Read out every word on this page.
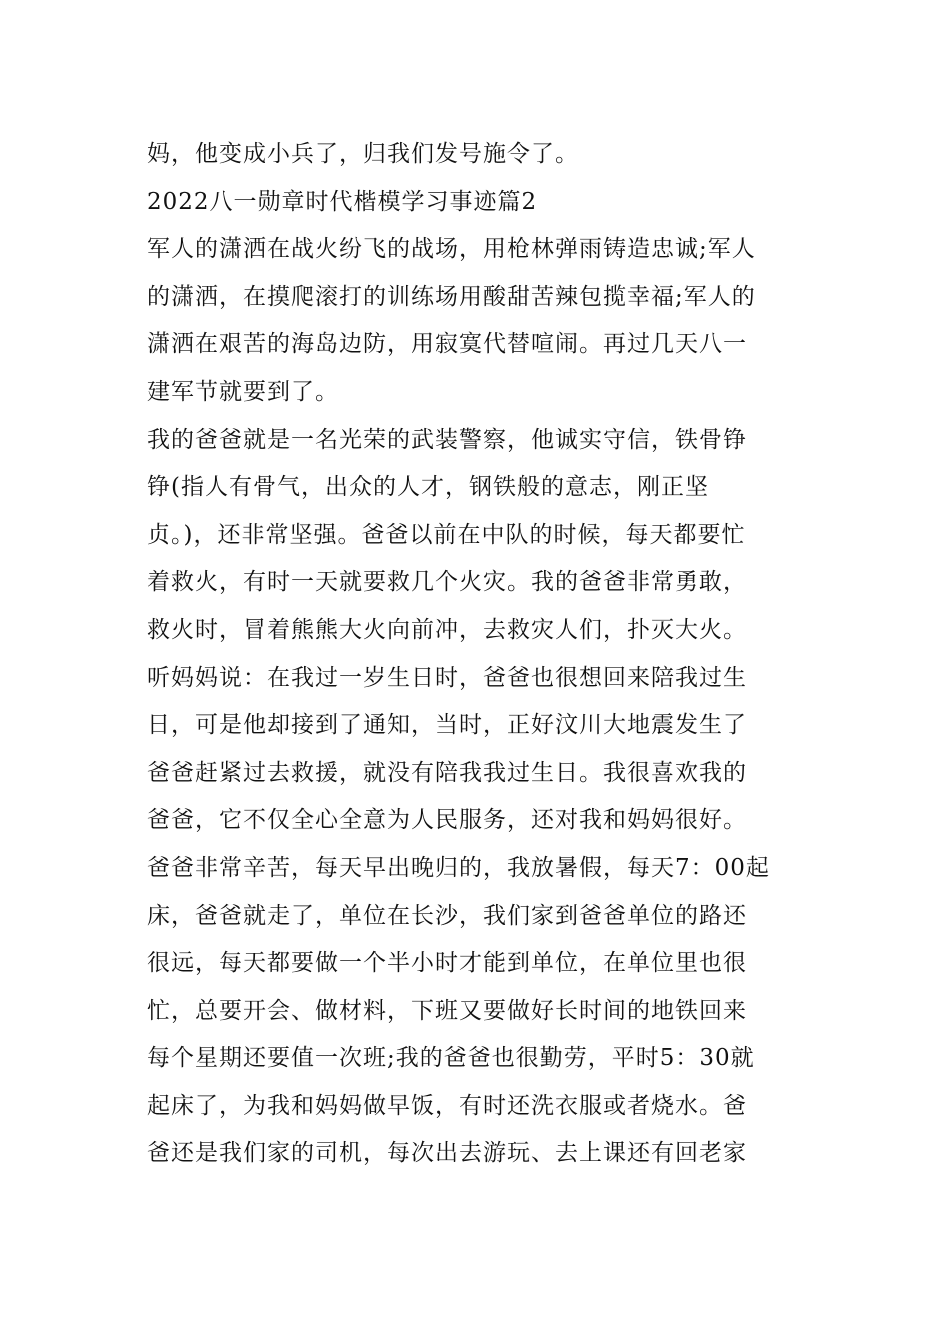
妈，他变成小兵了，归我们发号施令了。
2022八一勋章时代楷模学习事迹篇2
军人的潇洒在战火纷飞的战场，用枪林弹雨铸造忠诚;军人
的潇洒，在摸爬滚打的训练场用酸甜苦辣包揽幸福;军人的
潇洒在艰苦的海岛边防，用寂寞代替喧闹。再过几天八一
建军节就要到了。
我的爸爸就是一名光荣的武装警察，他诚实守信，铁骨铮
铮(指人有骨气，出众的人才，钢铁般的意志，刚正坚
贞。)，还非常坚强。爸爸以前在中队的时候，每天都要忙
着救火，有时一天就要救几个火灾。我的爸爸非常勇敢，
救火时，冒着熊熊大火向前冲，去救灾人们，扑灭大火。
听妈妈说：在我过一岁生日时，爸爸也很想回来陪我过生
日，可是他却接到了通知，当时，正好汶川大地震发生了
爸爸赶紧过去救援，就没有陪我我过生日。我很喜欢我的
爸爸，它不仅全心全意为人民服务，还对我和妈妈很好。
爸爸非常辛苦，每天早出晚归的，我放暑假，每天7：00起
床，爸爸就走了，单位在长沙，我们家到爸爸单位的路还
很远，每天都要做一个半小时才能到单位，在单位里也很
忙，总要开会、做材料，下班又要做好长时间的地铁回来
每个星期还要值一次班;我的爸爸也很勤劳，平时5：30就
起床了，为我和妈妈做早饭，有时还洗衣服或者烧水。爸
爸还是我们家的司机，每次出去游玩、去上课还有回老家
